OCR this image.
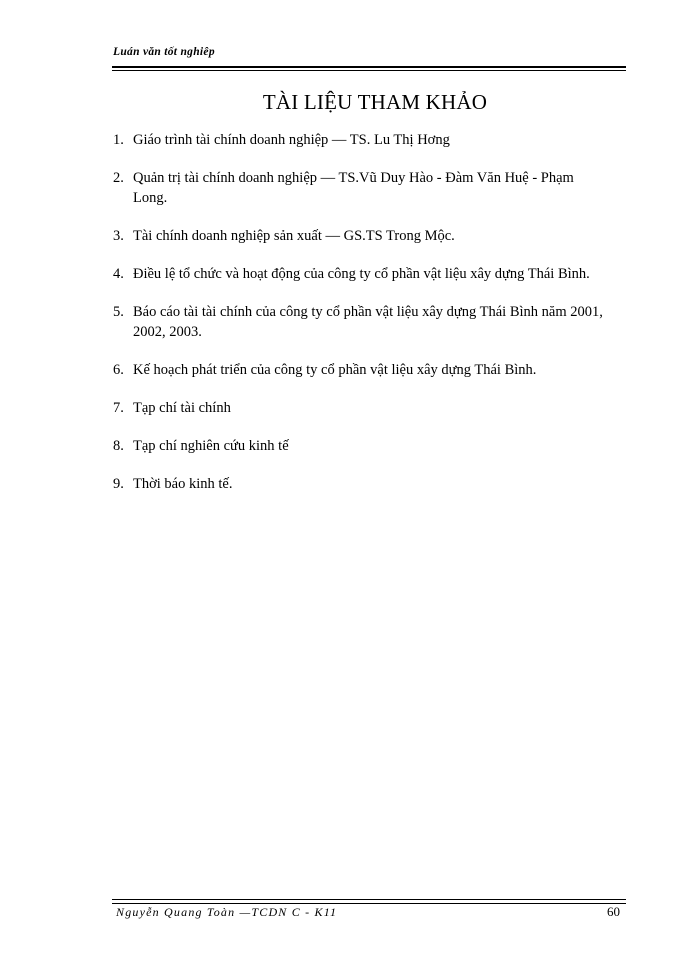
Luán văn tốt nghiêp
TÀI LIỆU THAM KHẢO
1. Giáo trình tài chính doanh nghiệp — TS. Lu Thị Hơng
2. Quản trị tài chính doanh nghiệp — TS.Vũ Duy Hào - Đàm Văn Huệ - Phạm Long.
3. Tài chính doanh nghiệp sản xuất — GS.TS Trong Mộc.
4. Điều lệ tổ chức và hoạt động của công ty cổ phần vật liệu xây dựng Thái Bình.
5. Báo cáo tài tài chính của công ty cổ phần vật liệu xây dựng Thái Bình năm 2001, 2002, 2003.
6. Kế hoạch phát triển của công ty cổ phần vật liệu xây dựng Thái Bình.
7. Tạp chí tài chính
8. Tạp chí nghiên cứu kinh tế
9. Thời báo kinh tế.
Nguyễn Quang Toàn —TCDN C - K11	60
